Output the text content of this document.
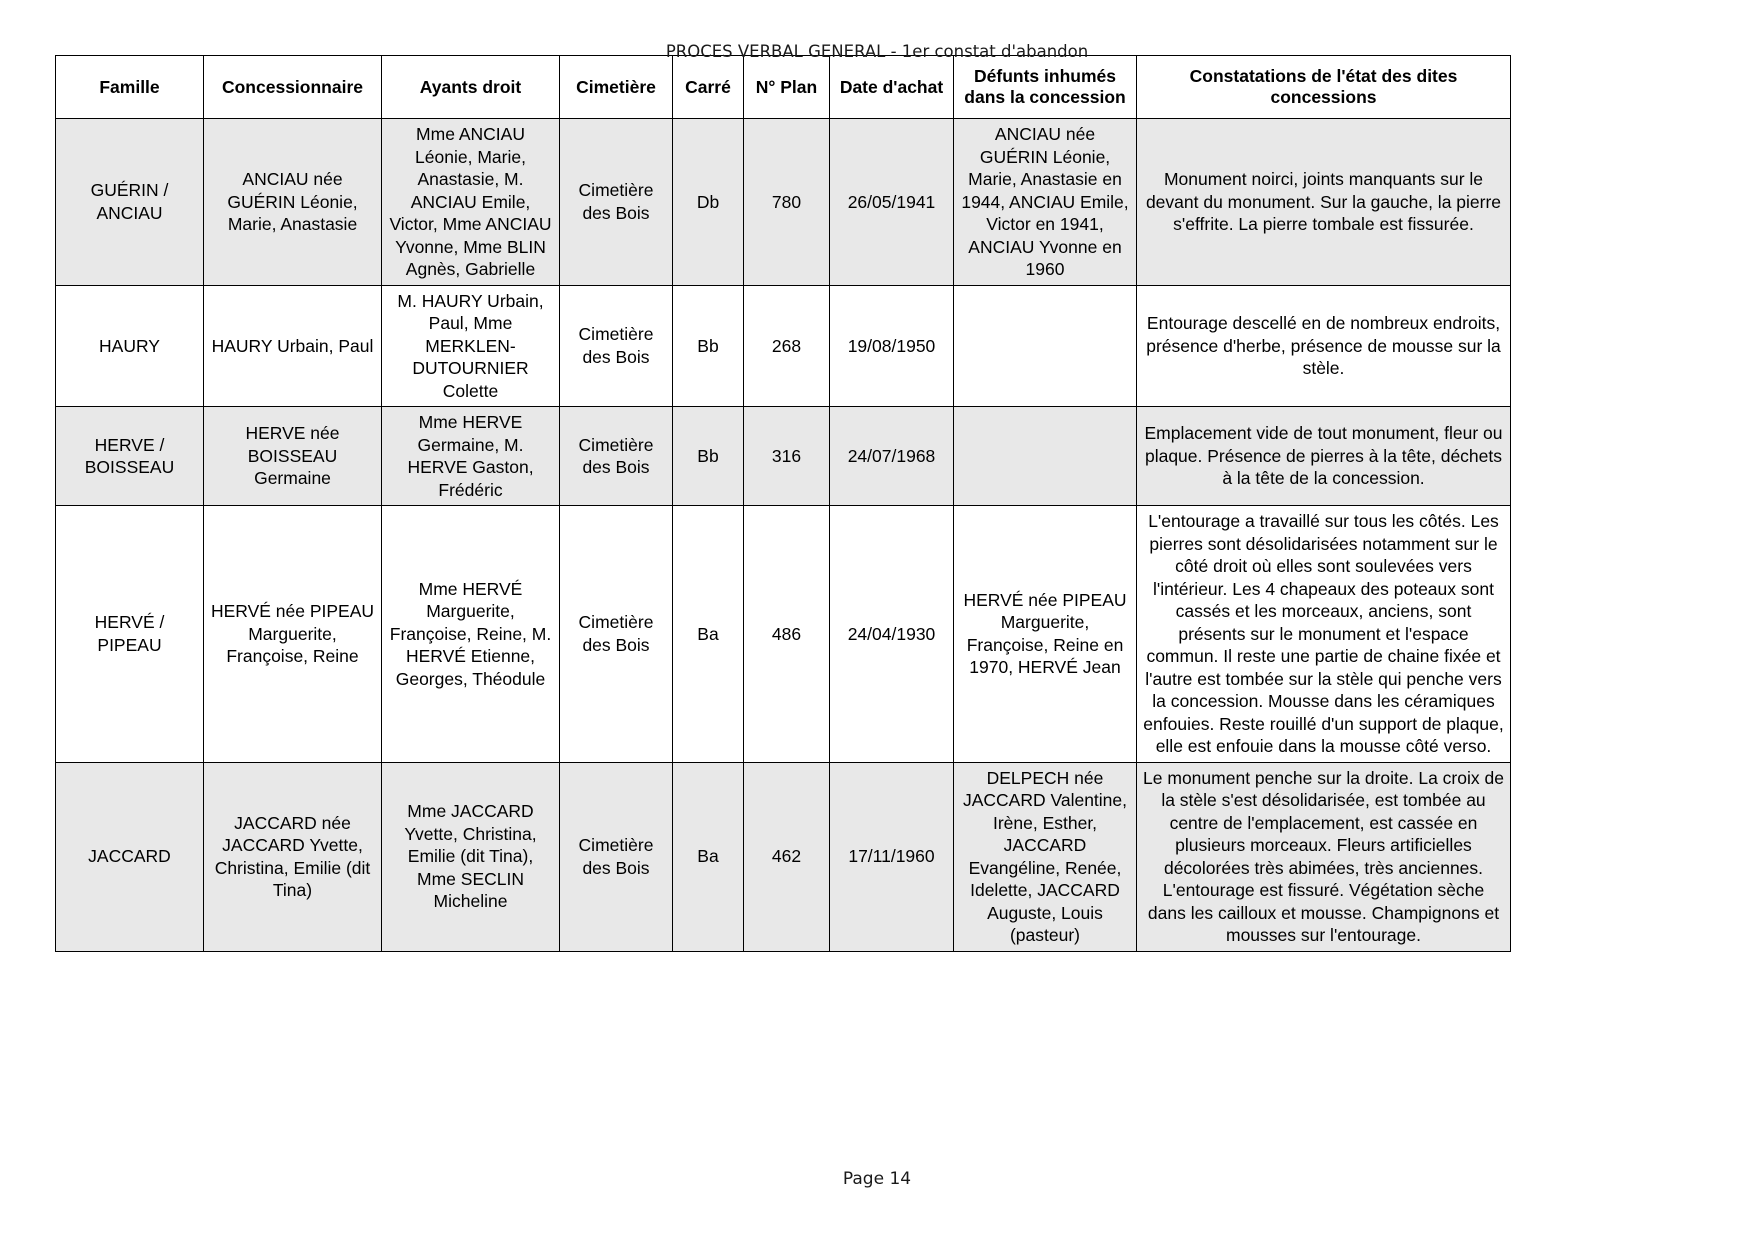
PROCES VERBAL GENERAL - 1er constat d'abandon
Famille	Concessionnaire	Ayants droit	Cimetière	Carré	N° Plan	Date d'achat	Défunts inhumés dans la concession	Constatations de l'état des dites concessions
GUÉRIN / ANCIAU	ANCIAU née GUÉRIN Léonie, Marie, Anastasie	Mme ANCIAU Léonie, Marie, Anastasie, M. ANCIAU Emile, Victor, Mme ANCIAU Yvonne, Mme BLIN Agnès, Gabrielle	Cimetière des Bois	Db	780	26/05/1941	ANCIAU née GUÉRIN Léonie, Marie, Anastasie en 1944, ANCIAU Emile, Victor en 1941, ANCIAU Yvonne en 1960	Monument noirci, joints manquants sur le devant du monument. Sur la gauche, la pierre s'effrite. La pierre tombale est fissurée.
HAURY	HAURY Urbain, Paul	M. HAURY Urbain, Paul, Mme MERKLEN-DUTOURNIER Colette	Cimetière des Bois	Bb	268	19/08/1950		Entourage descellé en de nombreux endroits, présence d'herbe, présence de mousse sur la stèle.
HERVE / BOISSEAU	HERVE née BOISSEAU Germaine	Mme HERVE Germaine, M. HERVE Gaston, Frédéric	Cimetière des Bois	Bb	316	24/07/1968		Emplacement vide de tout monument, fleur ou plaque. Présence de pierres à la tête, déchets à la tête de la concession.
HERVÉ / PIPEAU	HERVÉ née PIPEAU Marguerite, Françoise, Reine	Mme HERVÉ Marguerite, Françoise, Reine, M. HERVÉ Etienne, Georges, Théodule	Cimetière des Bois	Ba	486	24/04/1930	HERVÉ née PIPEAU Marguerite, Françoise, Reine en 1970, HERVÉ Jean	L'entourage a travaillé sur tous les côtés. Les pierres sont désolidarisées notamment sur le côté droit où elles sont soulevées vers l'intérieur. Les 4 chapeaux des poteaux sont cassés et les morceaux, anciens, sont présents sur le monument et l'espace commun. Il reste une partie de chaine fixée et l'autre est tombée sur la stèle qui penche vers la concession. Mousse dans les céramiques enfouies. Reste rouillé d'un support de plaque, elle est enfouie dans la mousse côté verso.
JACCARD	JACCARD née JACCARD Yvette, Christina, Emilie (dit Tina)	Mme JACCARD Yvette, Christina, Emilie (dit Tina), Mme SECLIN Micheline	Cimetière des Bois	Ba	462	17/11/1960	DELPECH née JACCARD Valentine, Irène, Esther, JACCARD Evangéline, Renée, Idelette, JACCARD Auguste, Louis (pasteur)	Le monument penche sur la droite. La croix de la stèle s'est désolidarisée, est tombée au centre de l'emplacement, est cassée en plusieurs morceaux. Fleurs artificielles décolorées très abimées, très anciennes. L'entourage est fissuré. Végétation sèche dans les cailloux et mousse. Champignons et mousses sur l'entourage.
Page 14
